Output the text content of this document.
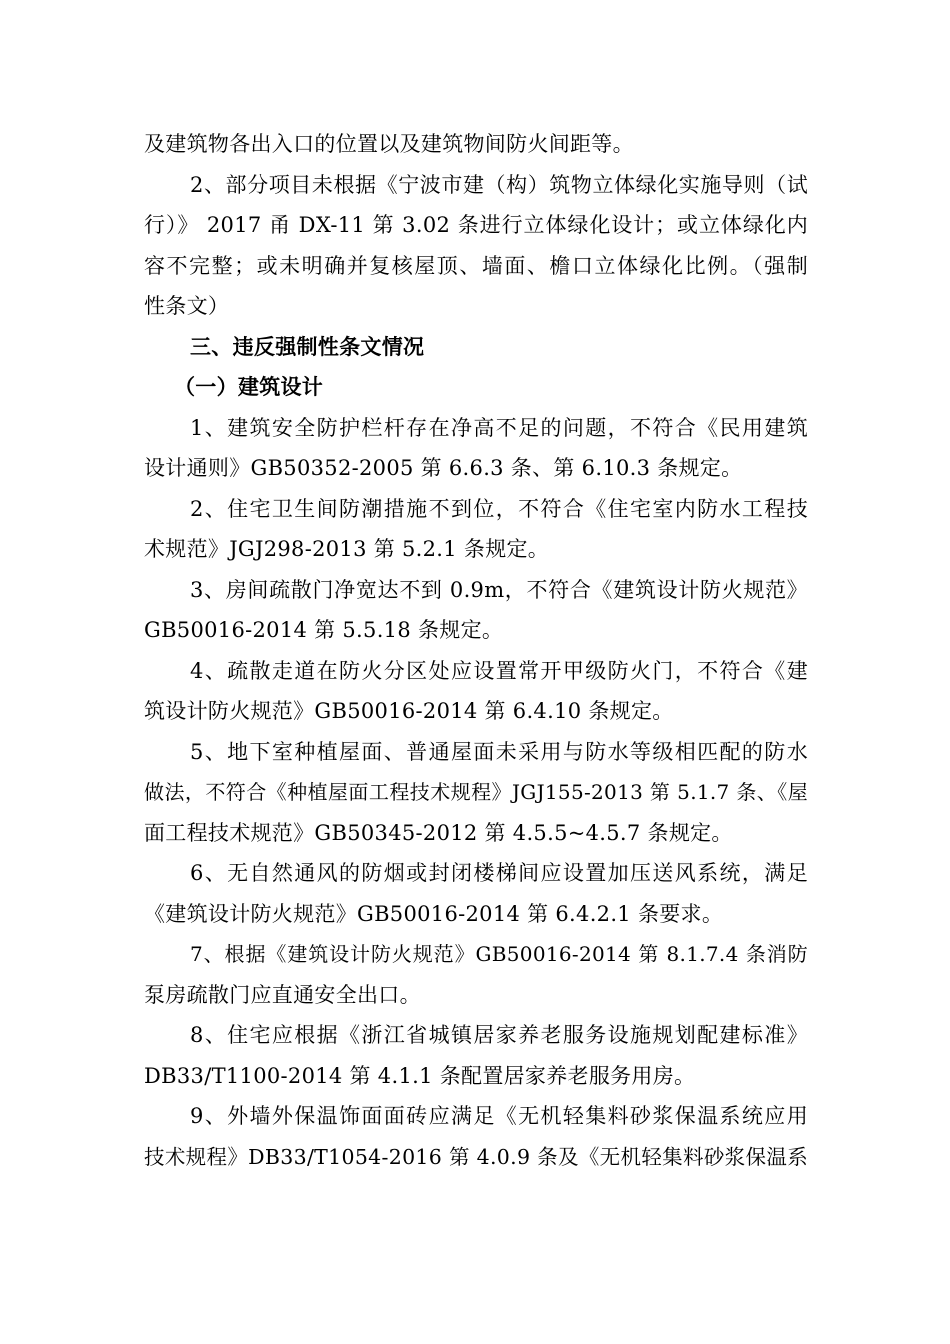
及建筑物各出入口的位置以及建筑物间防火间距等。
2、部分项目未根据《宁波市建（构）筑物立体绿化实施导则（试
行）》 2017 甬 DX-11 第 3.02 条进行立体绿化设计；或立体绿化内
容不完整；或未明确并复核屋顶、墙面、檐口立体绿化比例。（强制
性条文）
三、违反强制性条文情况
（一）建筑设计
1、建筑安全防护栏杆存在净高不足的问题，不符合《民用建筑
设计通则》GB50352-2005 第 6.6.3 条、第 6.10.3 条规定。
2、住宅卫生间防潮措施不到位，不符合《住宅室内防水工程技
术规范》JGJ298-2013 第 5.2.1 条规定。
3、房间疏散门净宽达不到 0.9m，不符合《建筑设计防火规范》
GB50016-2014 第 5.5.18 条规定。
4、疏散走道在防火分区处应设置常开甲级防火门，不符合《建
筑设计防火规范》GB50016-2014 第 6.4.10 条规定。
5、地下室种植屋面、普通屋面未采用与防水等级相匹配的防水
做法，不符合《种植屋面工程技术规程》JGJ155-2013 第 5.1.7 条、《屋
面工程技术规范》GB50345-2012 第 4.5.5~4.5.7 条规定。
6、无自然通风的防烟或封闭楼梯间应设置加压送风系统，满足
《建筑设计防火规范》GB50016-2014 第 6.4.2.1 条要求。
7、根据《建筑设计防火规范》GB50016-2014 第 8.1.7.4 条消防
泵房疏散门应直通安全出口。
8、住宅应根据《浙江省城镇居家养老服务设施规划配建标准》
DB33/T1100-2014 第 4.1.1 条配置居家养老服务用房。
9、外墙外保温饰面面砖应满足《无机轻集料砂浆保温系统应用
技术规程》DB33/T1054-2016 第 4.0.9 条及《无机轻集料砂浆保温系
